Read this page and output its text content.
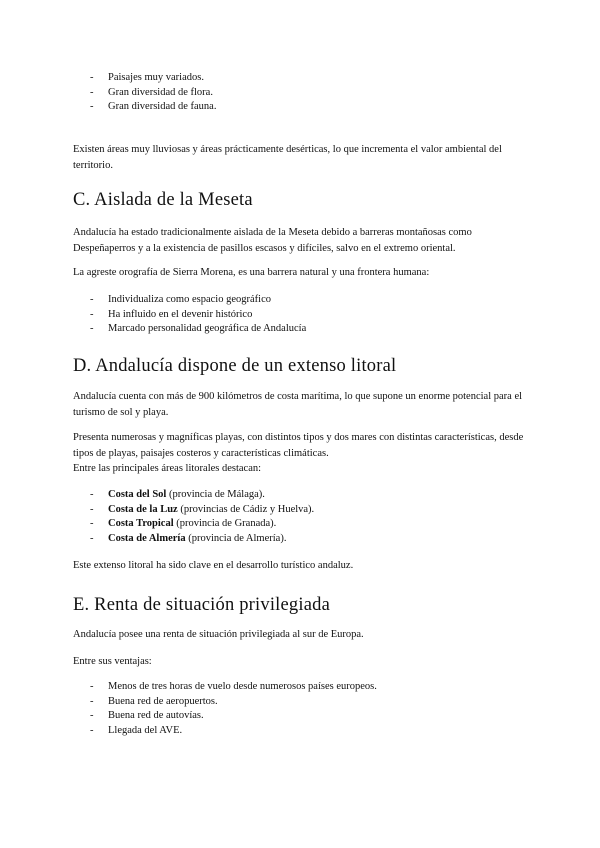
- Paisajes muy variados.
- Gran diversidad de flora.
- Gran diversidad de fauna.

Existen áreas muy lluviosas y áreas prácticamente desérticas, lo que incrementa el valor ambiental del territorio.

C. Aislada de la Meseta

Andalucía ha estado tradicionalmente aislada de la Meseta debido a barreras montañosas como Despeñaperros y a la existencia de pasillos escasos y difíciles, salvo en el extremo oriental.

La agreste orografía de Sierra Morena, es una barrera natural y una frontera humana:

- Individualiza como espacio geográfico
- Ha influido en el devenir histórico
- Marcado personalidad geográfica de Andalucía
D. Andalucía dispone de un extenso litoral

Andalucía cuenta con más de 900 kilómetros de costa marítima, lo que supone un enorme potencial para el turismo de sol y playa.

Presenta numerosas y magníficas playas, con distintos tipos y dos mares con distintas características, desde tipos de playas, paisajes costeros y características climáticas.

Entre las principales áreas litorales destacan:

- Costa del Sol (provincia de Málaga).
- Costa de la Luz (provincias de Cádiz y Huelva).
- Costa Tropical (provincia de Granada).
- Costa de Almería (provincia de Almería).

Este extenso litoral ha sido clave en el desarrollo turístico andaluz.

E. Renta de situación privilegiada

Andalucía posee una renta de situación privilegiada al sur de Europa.

Entre sus ventajas:

- Menos de tres horas de vuelo desde numerosos países europeos.
- Buena red de aeropuertos.
- Buena red de autovías.
- Llegada del AVE.
